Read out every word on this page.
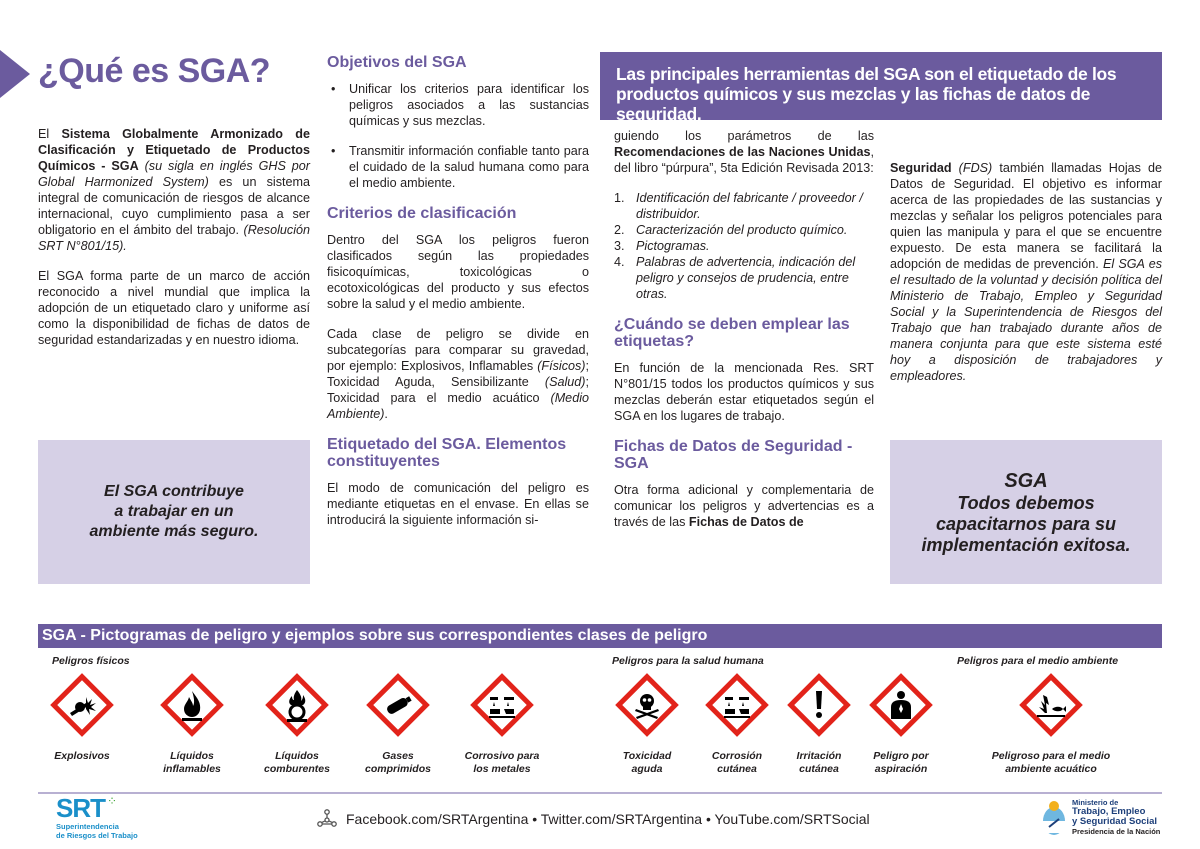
¿Qué es SGA?

El Sistema Globalmente Armonizado de Clasificación y Etiquetado de Productos Químicos - SGA (su sigla en inglés GHS por Global Harmonized System) es un sistema integral de comunicación de riesgos de alcance internacional, cuyo cumplimiento pasa a ser obligatorio en el ámbito del trabajo. (Resolución SRT N°801/15).

El SGA forma parte de un marco de acción reconocido a nivel mundial que implica la adopción de un etiquetado claro y uniforme así como la disponibilidad de fichas de datos de seguridad estandarizadas y en nuestro idioma.

El SGA contribuye
a trabajar en un
ambiente más seguro.
Objetivos del SGA
• Unificar los criterios para identificar los peligros asociados a las sustancias químicas y sus mezclas.
• Transmitir información confiable tanto para el cuidado de la salud humana como para el medio ambiente.
Criterios de clasificación

Dentro del SGA los peligros fueron clasificados según las propiedades fisicoquímicas, toxicológicas o ecotoxicológicas del producto y sus efectos sobre la salud y el medio ambiente.

Cada clase de peligro se divide en subcategorías para comparar su gravedad, por ejemplo: Explosivos, Inflamables (Físicos); Toxicidad Aguda, Sensibilizante (Salud); Toxicidad para el medio acuático (Medio Ambiente).

Etiquetado del SGA. Elementos constituyentes

El modo de comunicación del peligro es mediante etiquetas en el envase. En ellas se introducirá la siguiente información si-

Las principales herramientas del SGA son el etiquetado de los productos químicos y sus mezclas y las fichas de datos de seguridad.

guiendo los parámetros de las Recomendaciones de las Naciones Unidas, del libro “púrpura”, 5ta Edición Revisada 2013:

1. Identificación del fabricante / proveedor / distribuidor.
2. Caracterización del producto químico.
3. Pictogramas.
4. Palabras de advertencia, indicación del peligro y consejos de prudencia, entre otras.
¿Cuándo se deben emplear las etiquetas?

En función de la mencionada Res. SRT N°801/15 todos los productos químicos y sus mezclas deberán estar etiquetados según el SGA en los lugares de trabajo.

Fichas de Datos de Seguridad - SGA

Otra forma adicional y complementaria de comunicar los peligros y advertencias es a través de las Fichas de Datos de

Seguridad (FDS) también llamadas Hojas de Datos de Seguridad. El objetivo es informar acerca de las propiedades de las sustancias y mezclas y señalar los peligros potenciales para quien las manipula y para el que se encuentre expuesto. De esta manera se facilitará la adopción de medidas de prevención. El SGA es el resultado de la voluntad y decisión política del Ministerio de Trabajo, Empleo y Seguridad Social y la Superintendencia de Riesgos del Trabajo que han trabajado durante años de manera conjunta para que este sistema esté hoy a disposición de trabajadores y empleadores.

SGA
Todos debemos
capacitarnos para su
implementación exitosa.
SGA - Pictogramas de peligro y ejemplos sobre sus correspondientes clases de peligro
Peligros físicos	Peligros para la salud humana	Peligros para el medio ambiente
Explosivos	Líquidos
inflamables
Líquidos
comburentes
Gases
comprimidos
Corrosivo para
los metales
Toxicidad
aguda
Corrosión
cutánea
Irritación
cutánea
Peligro por
aspiración
Peligroso para el medio
ambiente acuático
SRT ⁘
Superintendencia
de Riesgos del Trabajo
Facebook.com/SRTArgentina • Twitter.com/SRTArgentina • YouTube.com/SRTSocial
Ministerio de
Trabajo, Empleo
y Seguridad Social
Presidencia de la Nación
